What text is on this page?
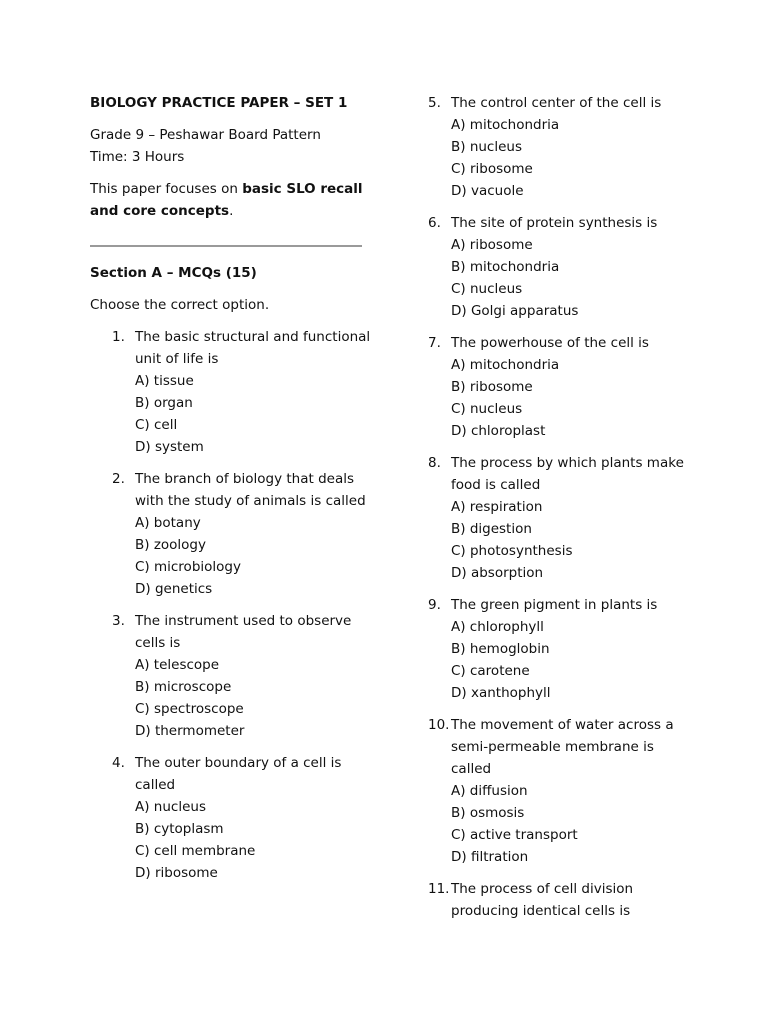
BIOLOGY PRACTICE PAPER – SET 1
Grade 9 – Peshawar Board Pattern
Time: 3 Hours
This paper focuses on basic SLO recall
and core concepts.
Section A – MCQs (15)
Choose the correct option.
1. The basic structural and functional
unit of life is
A) tissue
B) organ
C) cell
D) system
2. The branch of biology that deals
with the study of animals is called
A) botany
B) zoology
C) microbiology
D) genetics
3. The instrument used to observe
cells is
A) telescope
B) microscope
C) spectroscope
D) thermometer
4. The outer boundary of a cell is
called
A) nucleus
B) cytoplasm
C) cell membrane
D) ribosome
5. The control center of the cell is
A) mitochondria
B) nucleus
C) ribosome
D) vacuole
6. The site of protein synthesis is
A) ribosome
B) mitochondria
C) nucleus
D) Golgi apparatus
7. The powerhouse of the cell is
A) mitochondria
B) ribosome
C) nucleus
D) chloroplast
8. The process by which plants make
food is called
A) respiration
B) digestion
C) photosynthesis
D) absorption
9. The green pigment in plants is
A) chlorophyll
B) hemoglobin
C) carotene
D) xanthophyll
10. The movement of water across a
semi-permeable membrane is
called
A) diffusion
B) osmosis
C) active transport
D) filtration
11. The process of cell division
producing identical cells is
